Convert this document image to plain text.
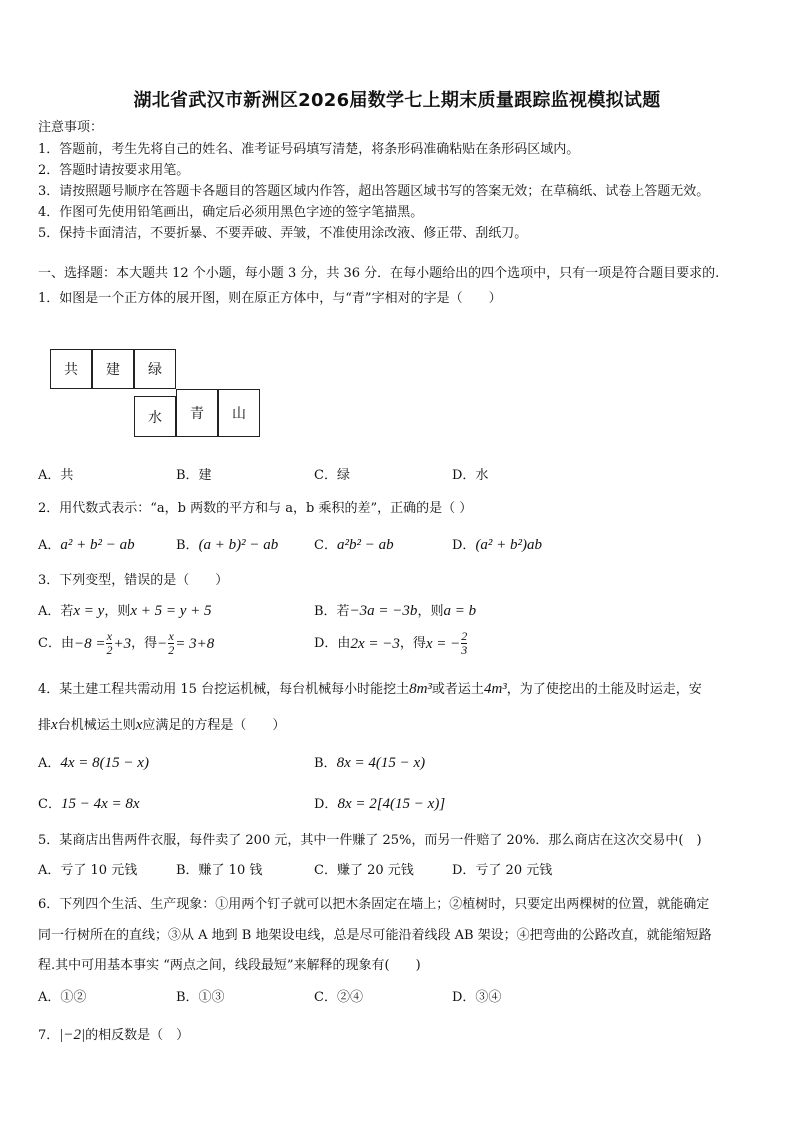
湖北省武汉市新洲区2026届数学七上期末质量跟踪监视模拟试题
注意事项：
1．答题前，考生先将自己的姓名、准考证号码填写清楚，将条形码准确粘贴在条形码区域内。
2．答题时请按要求用笔。
3．请按照题号顺序在答题卡各题目的答题区域内作答，超出答题区域书写的答案无效；在草稿纸、试卷上答题无效。
4．作图可先使用铅笔画出，确定后必须用黑色字迹的签字笔描黑。
5．保持卡面清洁，不要折暴、不要弄破、弄皱，不准使用涂改液、修正带、刮纸刀。
一、选择题：本大题共 12 个小题，每小题 3 分，共 36 分．在每小题给出的四个选项中，只有一项是符合题目要求的.
1．如图是一个正方体的展开图，则在原正方体中，与“青”字相对的字是（　　）
共	建	绿
水	青	山
A．共	B．建	C．绿	D．水
2．用代数式表示：“a，b 两数的平方和与 a，b 乘积的差”，正确的是（ ）
A．a² + b² − ab	B．(a + b)² − ab	C．a²b² − ab	D．(a² + b²)ab
3．下列变型，错误的是（　　）
A．若x = y，则x + 5 = y + 5	B．若−3a = −3b，则a = b
C．由 $-8 = \frac{x}{2} +3$ ，得 − $\frac{x}{2} = 3+8$	D．由 2x = −3 ，得 x = − $\frac{2}{3}$
4．某土建工程共需动用 15 台挖运机械，每台机械每小时能挖土8m³或者运土4m³，为了使挖出的土能及时运走，安
排x台机械运土则x应满足的方程是（　　）
A．4x = 8(15 − x)	B．8x = 4(15 − x)
C．15 − 4x = 8x	D．8x = 2[4(15 − x)]
5．某商店出售两件衣服，每件卖了 200 元，其中一件赚了 25%，而另一件赔了 20%．那么商店在这次交易中(　)
A．亏了 10 元钱	B．赚了 10 钱	C．赚了 20 元钱	D．亏了 20 元钱
6．下列四个生活、生产现象：①用两个钉子就可以把木条固定在墙上；②植树时，只要定出两棵树的位置，就能确定
同一行树所在的直线；③从 A 地到 B 地架设电线，总是尽可能沿着线段 AB 架设；④把弯曲的公路改直，就能缩短路
程.其中可用基本事实 “两点之间，线段最短”来解释的现象有(　　)
A．①②	B．①③	C．②④	D．③④
7．|−2|的相反数是（　）
